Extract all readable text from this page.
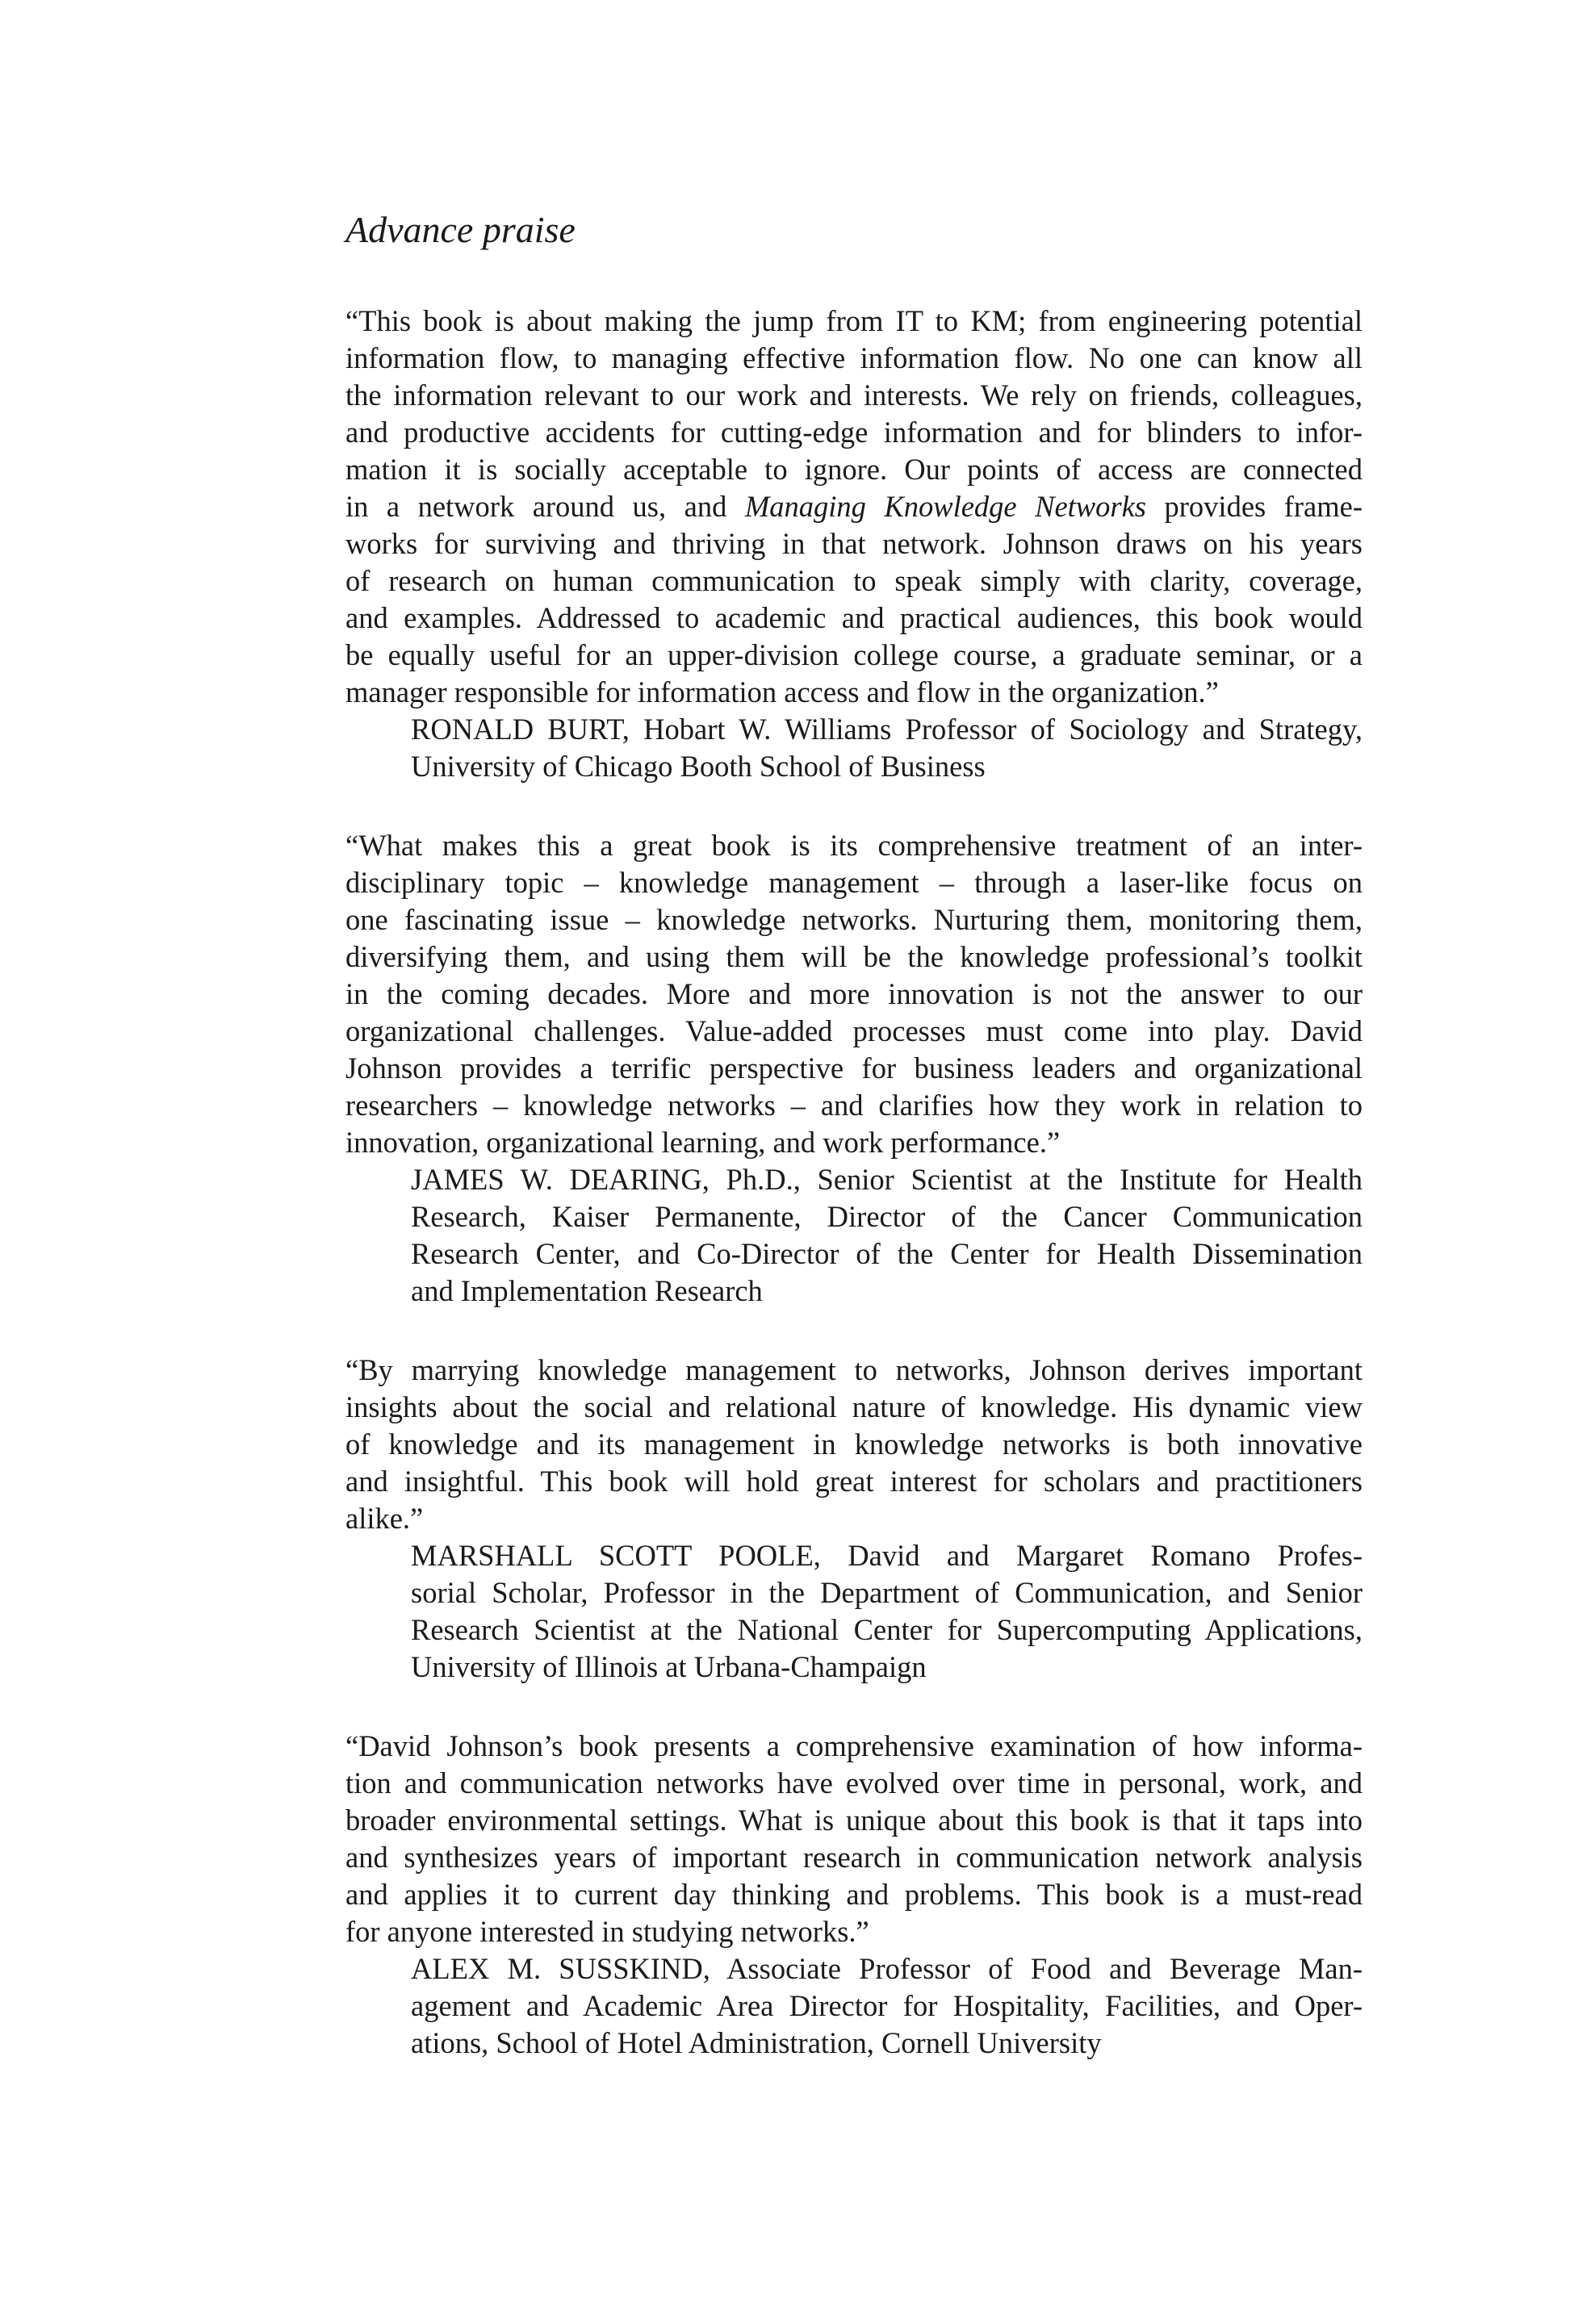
Advance praise

“This book is about making the jump from IT to KM; from engineering potential
information flow, to managing effective information flow. No one can know all
the information relevant to our work and interests. We rely on friends, colleagues,
and productive accidents for cutting-edge information and for blinders to infor-
mation it is socially acceptable to ignore. Our points of access are connected
in a network around us, and Managing Knowledge Networks provides frame-
works for surviving and thriving in that network. Johnson draws on his years
of research on human communication to speak simply with clarity, coverage,
and examples. Addressed to academic and practical audiences, this book would
be equally useful for an upper-division college course, a graduate seminar, or a
manager responsible for information access and flow in the organization.”

RONALD BURT, Hobart W. Williams Professor of Sociology and Strategy,
University of Chicago Booth School of Business

“What makes this a great book is its comprehensive treatment of an inter-
disciplinary topic – knowledge management – through a laser-like focus on
one fascinating issue – knowledge networks. Nurturing them, monitoring them,
diversifying them, and using them will be the knowledge professional’s toolkit
in the coming decades. More and more innovation is not the answer to our
organizational challenges. Value-added processes must come into play. David
Johnson provides a terrific perspective for business leaders and organizational
researchers – knowledge networks – and clarifies how they work in relation to
innovation, organizational learning, and work performance.”

JAMES W. DEARING, Ph.D., Senior Scientist at the Institute for Health
Research, Kaiser Permanente, Director of the Cancer Communication
Research Center, and Co-Director of the Center for Health Dissemination
and Implementation Research

“By marrying knowledge management to networks, Johnson derives important
insights about the social and relational nature of knowledge. His dynamic view
of knowledge and its management in knowledge networks is both innovative
and insightful. This book will hold great interest for scholars and practitioners
alike.”

MARSHALL SCOTT POOLE, David and Margaret Romano Profes-
sorial Scholar, Professor in the Department of Communication, and Senior
Research Scientist at the National Center for Supercomputing Applications,
University of Illinois at Urbana-Champaign

“David Johnson’s book presents a comprehensive examination of how informa-
tion and communication networks have evolved over time in personal, work, and
broader environmental settings. What is unique about this book is that it taps into
and synthesizes years of important research in communication network analysis
and applies it to current day thinking and problems. This book is a must-read
for anyone interested in studying networks.”

ALEX M. SUSSKIND, Associate Professor of Food and Beverage Man-
agement and Academic Area Director for Hospitality, Facilities, and Oper-
ations, School of Hotel Administration, Cornell University
